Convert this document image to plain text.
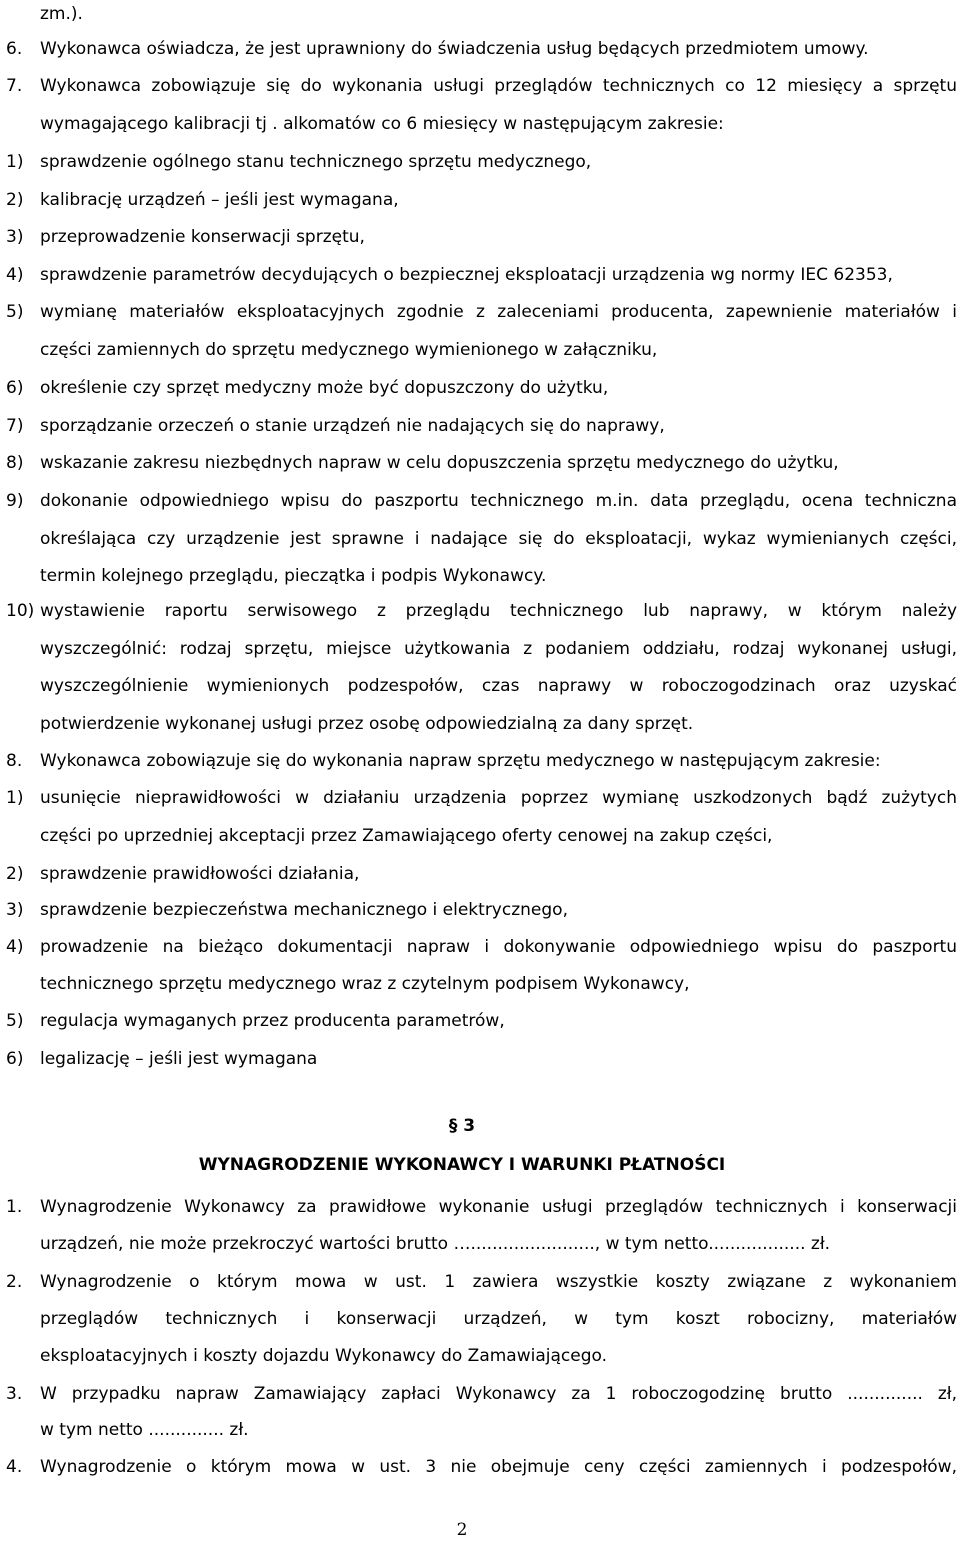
zm.).
6. Wykonawca oświadcza, że jest uprawniony do świadczenia usług będących przedmiotem umowy.
7. Wykonawca zobowiązuje się do wykonania usługi przeglądów technicznych co 12 miesięcy a sprzętu
wymagającego kalibracji tj . alkomatów co 6 miesięcy w następującym zakresie:
1) sprawdzenie ogólnego stanu technicznego sprzętu medycznego,
2) kalibrację urządzeń – jeśli jest wymagana,
3) przeprowadzenie konserwacji sprzętu,
4) sprawdzenie parametrów decydujących o bezpiecznej eksploatacji urządzenia wg normy IEC 62353,
5) wymianę materiałów eksploatacyjnych zgodnie z zaleceniami producenta, zapewnienie materiałów i
części zamiennych do sprzętu medycznego wymienionego w załączniku,
6) określenie czy sprzęt medyczny może być dopuszczony do użytku,
7) sporządzanie orzeczeń o stanie urządzeń nie nadających się do naprawy,
8) wskazanie zakresu niezbędnych napraw w celu dopuszczenia sprzętu medycznego do użytku,
9) dokonanie odpowiedniego wpisu do paszportu technicznego m.in. data przeglądu, ocena techniczna
określająca czy urządzenie jest sprawne i nadające się do eksploatacji, wykaz wymienianych części,
termin kolejnego przeglądu, pieczątka i podpis Wykonawcy.
10) wystawienie raportu serwisowego z przeglądu technicznego lub naprawy, w którym należy
wyszczególnić: rodzaj sprzętu, miejsce użytkowania z podaniem oddziału, rodzaj wykonanej usługi,
wyszczególnienie wymienionych podzespołów, czas naprawy w roboczogodzinach oraz uzyskać
potwierdzenie wykonanej usługi przez osobę odpowiedzialną za dany sprzęt.
8. Wykonawca zobowiązuje się do wykonania napraw sprzętu medycznego w następującym zakresie:
1) usunięcie nieprawidłowości w działaniu urządzenia poprzez wymianę uszkodzonych bądź zużytych
części po uprzedniej akceptacji przez Zamawiającego oferty cenowej na zakup części,
2) sprawdzenie prawidłowości działania,
3) sprawdzenie bezpieczeństwa mechanicznego i elektrycznego,
4) prowadzenie na bieżąco dokumentacji napraw i dokonywanie odpowiedniego wpisu do paszportu
technicznego sprzętu medycznego wraz z czytelnym podpisem Wykonawcy,
5) regulacja wymaganych przez producenta parametrów,
6) legalizację – jeśli jest wymagana
§ 3
WYNAGRODZENIE WYKONAWCY I WARUNKI PŁATNOŚCI
1. Wynagrodzenie Wykonawcy za prawidłowe wykonanie usługi przeglądów technicznych i konserwacji
urządzeń, nie może przekroczyć wartości brutto …......................., w tym netto.................. zł.
2. Wynagrodzenie o którym mowa w ust. 1 zawiera wszystkie koszty związane z wykonaniem
przeglądów technicznych i konserwacji urządzeń, w tym koszt robocizny, materiałów
eksploatacyjnych i koszty dojazdu Wykonawcy do Zamawiającego.
3. W przypadku napraw Zamawiający zapłaci Wykonawcy za 1 roboczogodzinę brutto .............. zł,
w tym netto .............. zł.
4. Wynagrodzenie o którym mowa w ust. 3 nie obejmuje ceny części zamiennych i podzespołów,
2
